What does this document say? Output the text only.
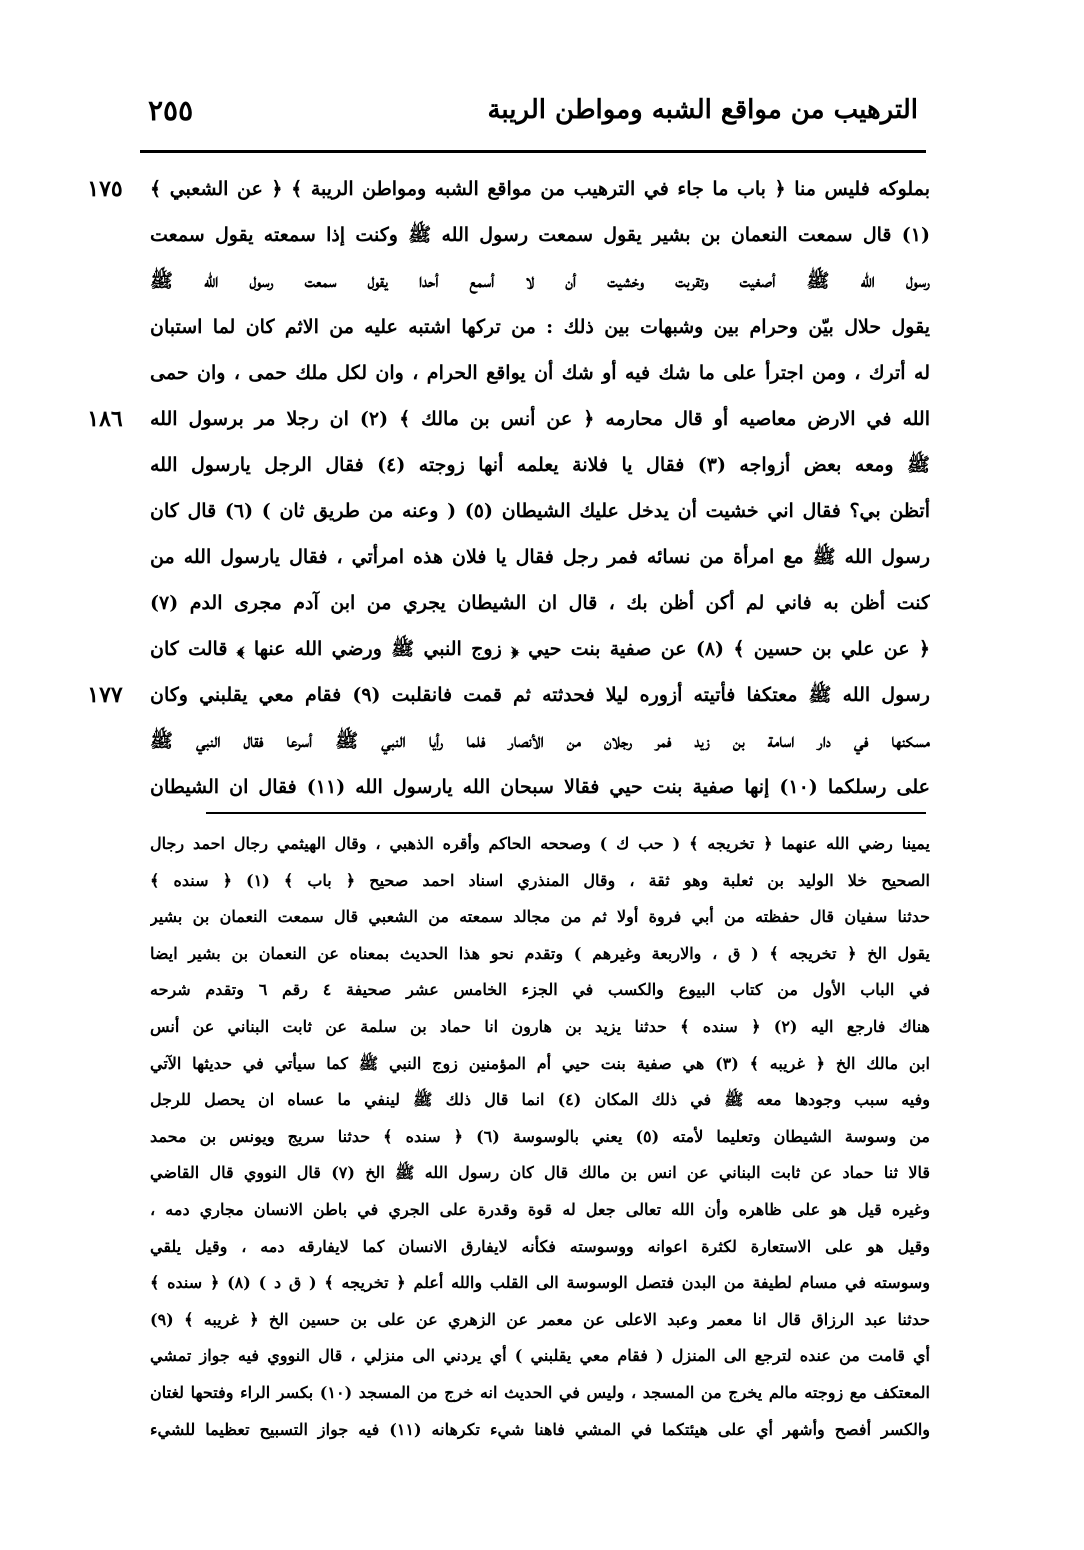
الترهيب من مواقع الشبه ومواطن الريبة
٢٥٥
١٧٥
١٨٦
١٧٧
بملوكه فليس منا ﴿ باب ما جاء في الترهيب من مواقع الشبه ومواطن الريبة ﴾ ﴿ عن الشعبي ﴾
(١) قال سمعت النعمان بن بشير يقول سمعت رسول الله ﷺ وكنت إذا سمعته يقول سمعت
رسول الله ﷺ أصغيت وتقربت وخشيت أن لا أسمع أحدا يقول سمعت رسول الله ﷺ
يقول حلال بيّن وحرام بين وشبهات بين ذلك : من تركها اشتبه عليه من الاثم كان لما استبان
له أترك ، ومن اجترأ على ما شك فيه أو شك أن يواقع الحرام ، وان لكل ملك حمى ، وان حمى
الله في الارض معاصيه أو قال محارمه ﴿ عن أنس بن مالك ﴾ (٢) ان رجلا مر برسول الله
ﷺ ومعه بعض أزواجه (٣) فقال يا فلانة يعلمه أنها زوجته (٤) فقال الرجل يارسول الله
أتظن بي؟ فقال اني خشيت أن يدخل عليك الشيطان (٥) ( وعنه من طريق ثان ) (٦) قال كان
رسول الله ﷺ مع امرأة من نسائه فمر رجل فقال يا فلان هذه امرأتي ، فقال يارسول الله من
كنت أظن به فاني لم أكن أظن بك ، قال ان الشيطان يجري من ابن آدم مجرى الدم (٧)
﴿ عن علي بن حسين ﴾ (٨) عن صفية بنت حيي ﴿ زوج النبي ﷺ ورضي الله عنها ﴾ قالت كان
رسول الله ﷺ معتكفا فأتيته أزوره ليلا فحدثته ثم قمت فانقلبت (٩) فقام معي يقلبني وكان
مسكنها في دار اسامة بن زيد فمر رجلان من الأنصار فلما رأيا النبي ﷺ أسرعا فقال النبي ﷺ
على رسلكما (١٠) إنها صفية بنت حيي فقالا سبحان الله يارسول الله (١١) فقال ان الشيطان
يمينا رضي الله عنهما ﴿ تخريجه ﴾ ( حب ك ) وصححه الحاكم وأقره الذهبي ، وقال الهيثمي رجال احمد رجال
الصحيح خلا الوليد بن ثعلبة وهو ثقة ، وقال المنذري اسناد احمد صحيح ﴿ باب ﴾ (١) ﴿ سنده ﴾
حدثنا سفيان قال حفظته من أبي فروة أولا ثم من مجالد سمعته من الشعبي قال سمعت النعمان بن بشير
يقول الخ ﴿ تخريجه ﴾ ( ق ، والاربعة وغيرهم ) وتقدم نحو هذا الحديث بمعناه عن النعمان بن بشير ايضا
في الباب الأول من كتاب البيوع والكسب في الجزء الخامس عشر صحيفة ٤ رقم ٦ وتقدم شرحه
هناك فارجع اليه (٢) ﴿ سنده ﴾ حدثنا يزيد بن هارون انا حماد بن سلمة عن ثابت البناني عن أنس
ابن مالك الخ ﴿ غريبه ﴾ (٣) هي صفية بنت حيي أم المؤمنين زوج النبي ﷺ كما سيأتي في حديثها الآتي
وفيه سبب وجودها معه ﷺ في ذلك المكان (٤) انما قال ذلك ﷺ لينفي ما عساه ان يحصل للرجل
من وسوسة الشيطان وتعليما لأمته (٥) يعني بالوسوسة (٦) ﴿ سنده ﴾ حدثنا سريج ويونس بن محمد
قالا ثنا حماد عن ثابت البناني عن انس بن مالك قال كان رسول الله ﷺ الخ (٧) قال النووي قال القاضي
وغيره قيل هو على ظاهره وأن الله تعالى جعل له قوة وقدرة على الجري في باطن الانسان مجاري دمه ،
وقيل هو على الاستعارة لكثرة اعوانه ووسوسته فكأنه لايفارق الانسان كما لايفارقه دمه ، وقيل يلقي
وسوسته في مسام لطيفة من البدن فتصل الوسوسة الى القلب والله أعلم ﴿ تخريجه ﴾ ( ق د ) (٨) ﴿ سنده ﴾
حدثنا عبد الرزاق قال انا معمر وعبد الاعلى عن معمر عن الزهري عن على بن حسين الخ ﴿ غريبه ﴾ (٩)
أي قامت من عنده لترجع الى المنزل ( فقام معي يقلبني ) أي يردني الى منزلي ، قال النووي فيه جواز تمشي
المعتكف مع زوجته مالم يخرج من المسجد ، وليس في الحديث انه خرج من المسجد (١٠) بكسر الراء وفتحها لغتان
والكسر أفصح وأشهر أي على هيئتكما في المشي فاهنا شيء تكرهانه (١١) فيه جواز التسبيح تعظيما للشيء
